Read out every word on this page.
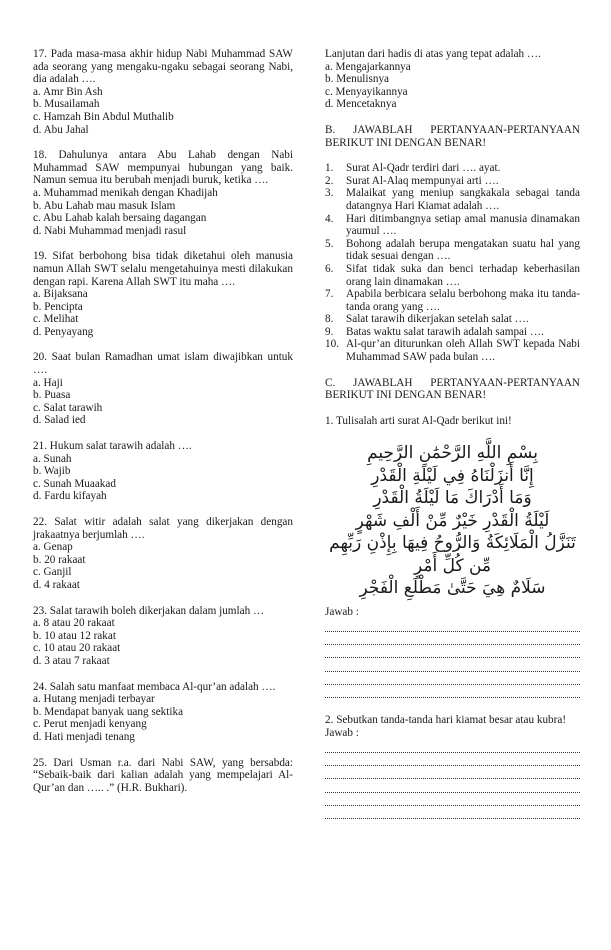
17. Pada masa-masa akhir hidup Nabi Muhammad SAW ada seorang yang mengaku-ngaku sebagai seorang Nabi, dia adalah ….
a. Amr Bin Ash
b. Musailamah
c. Hamzah Bin Abdul Muthalib
d. Abu Jahal
18. Dahulunya antara Abu Lahab dengan Nabi Muhammad SAW mempunyai hubungan yang baik. Namun semua itu berubah menjadi buruk, ketika ….
a. Muhammad menikah dengan Khadijah
b. Abu Lahab mau masuk Islam
c. Abu Lahab kalah bersaing dagangan
d. Nabi Muhammad menjadi rasul
19. Sifat berbohong bisa tidak diketahui oleh manusia namun Allah SWT selalu mengetahuinya mesti dilakukan dengan rapi. Karena Allah SWT itu maha ….
a. Bijaksana
b. Pencipta
c. Melihat
d. Penyayang
20. Saat bulan Ramadhan umat islam diwajibkan untuk ….
a. Haji
b. Puasa
c. Salat tarawih
d. Salad ied
21. Hukum salat tarawih adalah ….
a. Sunah
b. Wajib
c. Sunah Muaakad
d. Fardu kifayah
22. Salat witir adalah salat yang dikerjakan dengan jrakaatnya berjumlah ….
a. Genap
b. 20 rakaat
c. Ganjil
d. 4 rakaat
23. Salat tarawih boleh dikerjakan dalam jumlah …
a. 8 atau 20 rakaat
b. 10 atau 12 rakat
c. 10 atau 20 rakaat
d. 3 atau 7 rakaat
24. Salah satu manfaat membaca Al-qur’an adalah ….
a. Hutang menjadi terbayar
b. Mendapat banyak uang sektika
c. Perut menjadi kenyang
d. Hati menjadi tenang
25. Dari Usman r.a. dari Nabi SAW, yang bersabda: “Sebaik-baik dari kalian adalah yang mempelajari Al-Qur’an dan ….. .” (H.R. Bukhari).
Lanjutan dari hadis di atas yang tepat adalah ….
a. Mengajarkannya
b. Menulisnya
c. Menyayikannya
d. Mencetaknya
B. JAWABLAH PERTANYAAN-PERTANYAAN BERIKUT INI DENGAN BENAR!
1.	Surat Al-Qadr terdiri dari …. ayat.
2.	Surat Al-Alaq mempunyai arti ….
3.	Malaikat yang meniup sangkakala sebagai tanda datangnya Hari Kiamat adalah ….
4.	Hari ditimbangnya setiap amal manusia dinamakan yaumul ….
5.	Bohong adalah berupa mengatakan suatu hal yang tidak sesuai dengan ….
6.	Sifat tidak suka dan benci terhadap keberhasilan orang lain dinamakan ….
7.	Apabila berbicara selalu berbohong maka itu tanda-tanda orang yang ….
8.	Salat tarawih dikerjakan setelah salat ….
9.	Batas waktu salat tarawih adalah sampai ….
10. Al-qur’an diturunkan oleh Allah SWT kepada Nabi Muhammad SAW pada bulan ….
C. JAWABLAH PERTANYAAN-PERTANYAAN BERIKUT INI DENGAN BENAR!
1. Tulisalah arti surat Al-Qadr berikut ini!
بِسْمِ اللَّهِ الرَّحْمَٰنِ الرَّحِيمِ
إِنَّا أَنزَلْنَاهُ فِي لَيْلَةِ الْقَدْرِ
وَمَا أَدْرَاكَ مَا لَيْلَةُ الْقَدْرِ
لَيْلَةُ الْقَدْرِ خَيْرٌ مِّنْ أَلْفِ شَهْرٍ
تَنَزَّلُ الْمَلَائِكَةُ وَالرُّوحُ فِيهَا بِإِذْنِ رَبِّهِم مِّن كُلِّ أَمْرٍ
سَلَامٌ هِيَ حَتَّىٰ مَطْلَعِ الْفَجْرِ
Jawab :
2. Sebutkan tanda-tanda hari kiamat besar atau kubra!
Jawab :
